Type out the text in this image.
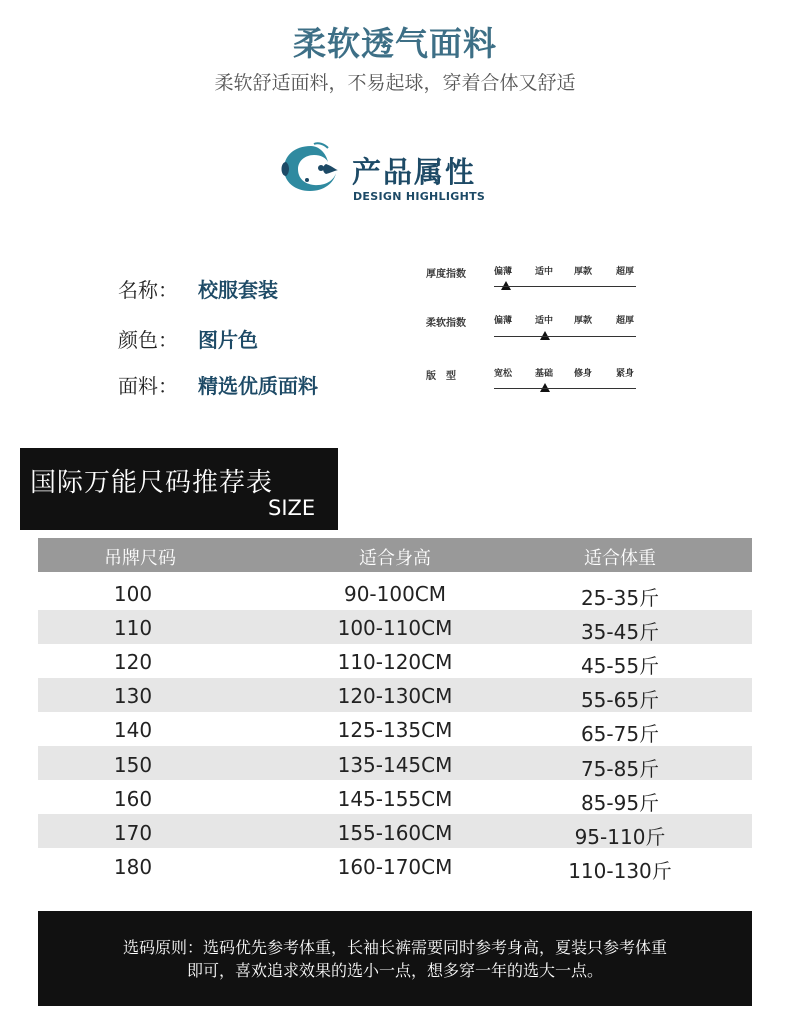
柔软透气面料
柔软舒适面料，不易起球，穿着合体又舒适
产品属性
DESIGN HIGHLIGHTS
名称： 校服套装
颜色： 图片色
面料： 精选优质面料
厚度指数	偏薄	适中 厚款	超厚
柔软指数	偏薄	适中 厚款	超厚
版　型	宽松	基础 修身	紧身
国际万能尺码推荐表
SIZE
吊牌尺码	适合身高	适合体重
100	90-100CM	25-35斤
110	100-110CM	35-45斤
120	110-120CM	45-55斤
130	120-130CM	55-65斤
140	125-135CM	65-75斤
150	135-145CM	75-85斤
160	145-155CM	85-95斤
170	155-160CM	95-110斤
180	160-170CM	110-130斤
选码原则：选码优先参考体重，长袖长裤需要同时参考身高，夏装只参考体重
即可，喜欢追求效果的选小一点，想多穿一年的选大一点。
